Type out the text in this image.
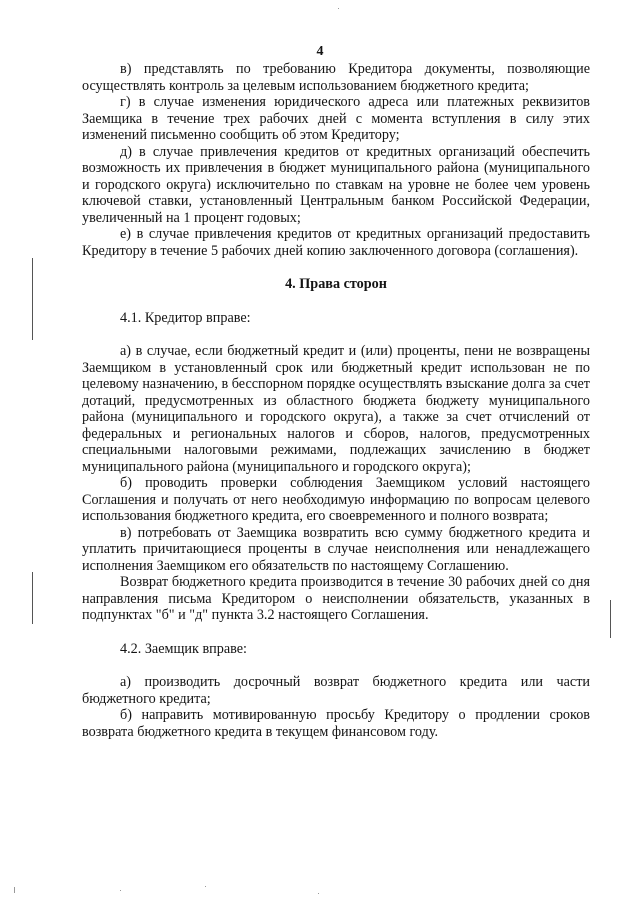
4

в) представлять по требованию Кредитора документы, позволяющие осуществлять контроль за целевым использованием бюджетного кредита;

г) в случае изменения юридического адреса или платежных реквизитов Заемщика в течение трех рабочих дней с момента вступления в силу этих изменений письменно сообщить об этом Кредитору;

д) в случае привлечения кредитов от кредитных организаций обеспечить возможность их привлечения в бюджет муниципального района (муниципального и городского округа) исключительно по ставкам на уровне не более чем уровень ключевой ставки, установленный Центральным банком Российской Федерации, увеличенный на 1 процент годовых;

е) в случае привлечения кредитов от кредитных организаций предоставить Кредитору в течение 5 рабочих дней копию заключенного договора (соглашения).

4. Права сторон

4.1. Кредитор вправе:

а) в случае, если бюджетный кредит и (или) проценты, пени не возвращены Заемщиком в установленный срок или бюджетный кредит использован не по целевому назначению, в бесспорном порядке осуществлять взыскание долга за счет дотаций, предусмотренных из областного бюджета бюджету муниципального района (муниципального и городского округа), а также за счет отчислений от федеральных и региональных налогов и сборов, налогов, предусмотренных специальными налоговыми режимами, подлежащих зачислению в бюджет муниципального района (муниципального и городского округа);

б) проводить проверки соблюдения Заемщиком условий настоящего Соглашения и получать от него необходимую информацию по вопросам целевого использования бюджетного кредита, его своевременного и полного возврата;

в) потребовать от Заемщика возвратить всю сумму бюджетного кредита и уплатить причитающиеся проценты в случае неисполнения или ненадлежащего исполнения Заемщиком его обязательств по настоящему Соглашению.

Возврат бюджетного кредита производится в течение 30 рабочих дней со дня направления письма Кредитором о неисполнении обязательств, указанных в подпунктах "б" и "д" пункта 3.2 настоящего Соглашения.

4.2. Заемщик вправе:

а) производить досрочный возврат бюджетного кредита или части бюджетного кредита;

б) направить мотивированную просьбу Кредитору о продлении сроков возврата бюджетного кредита в текущем финансовом году.
